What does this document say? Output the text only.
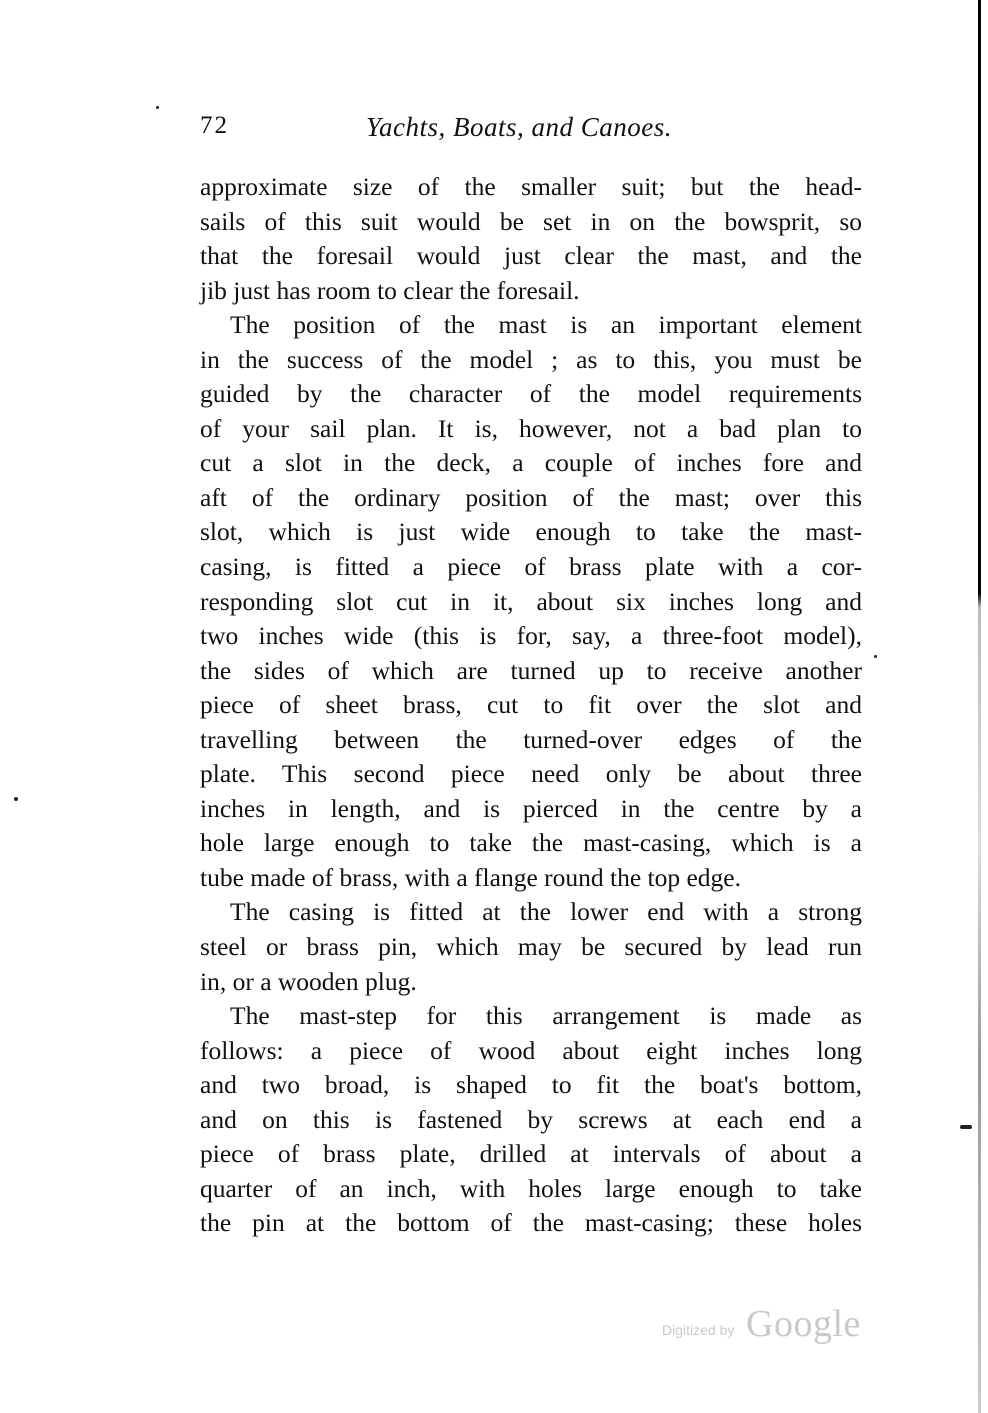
72	Yachts, Boats, and Canoes.
approximate size of the smaller suit; but the head-
sails of this suit would be set in on the bowsprit, so
that the foresail would just clear the mast, and the
jib just has room to clear the foresail.
The position of the mast is an important element
in the success of the model ; as to this, you must be
guided by the character of the model requirements
of your sail plan. It is, however, not a bad plan to
cut a slot in the deck, a couple of inches fore and
aft of the ordinary position of the mast; over this
slot, which is just wide enough to take the mast-
casing, is fitted a piece of brass plate with a cor-
responding slot cut in it, about six inches long and
two inches wide (this is for, say, a three-foot model),
the sides of which are turned up to receive another
piece of sheet brass, cut to fit over the slot and
travelling between the turned-over edges of the
plate. This second piece need only be about three
inches in length, and is pierced in the centre by a
hole large enough to take the mast-casing, which is a
tube made of brass, with a flange round the top edge.
The casing is fitted at the lower end with a strong
steel or brass pin, which may be secured by lead run
in, or a wooden plug.
The mast-step for this arrangement is made as
follows: a piece of wood about eight inches long
and two broad, is shaped to fit the boat's bottom,
and on this is fastened by screws at each end a
piece of brass plate, drilled at intervals of about a
quarter of an inch, with holes large enough to take
the pin at the bottom of the mast-casing; these holes
Digitized by Google
